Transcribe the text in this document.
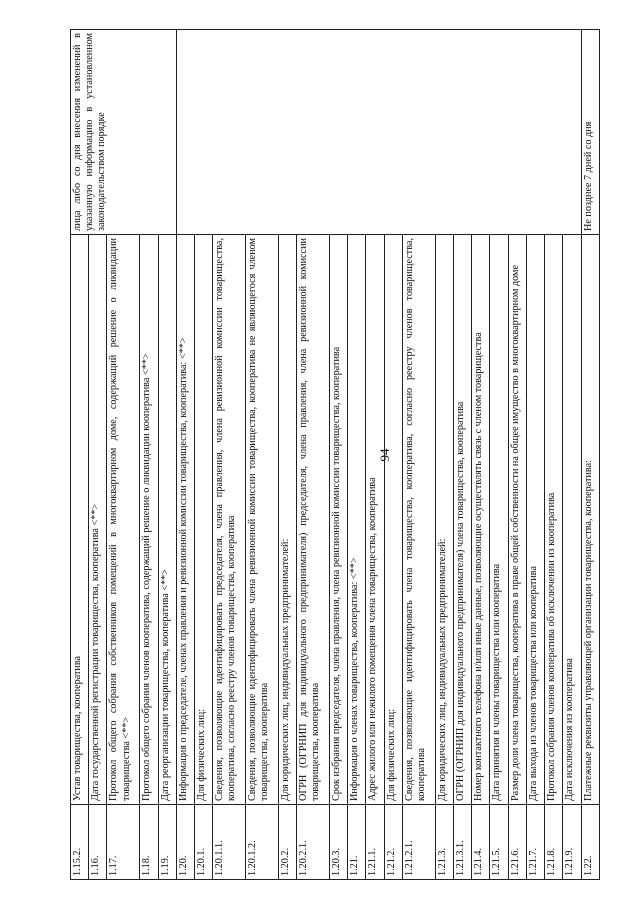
94
1.15.2.	Устав товарищества, кооператива	лица либо со дня внесения изменений в указанную информацию в установленном законодательством порядке
1.16.	Дата государственной регистрации товарищества, кооператива <**>	
1.17.	Протокол общего собрания собственников помещений в многоквартирном доме, содержащий решение о ликвидации товарищества <**>	
1.18.	Протокол общего собрания членов кооператива, содержащий решение о ликвидации кооператива <**>	
1.19.	Дата реорганизации товарищества, кооператива <**>	
1.20.	Информация о председателе, членах правления и ревизионной комиссии товарищества, кооператива: <**>	
1.20.1.	Для физических лиц:	
1.20.1.1.	Сведения, позволяющие идентифицировать председателя, члена правления, члена ревизионной комиссии товарищества, кооператива, согласно реестру членов товарищества, кооператива	
1.20.1.2.	Сведения, позволяющие идентифицировать члена ревизионной комиссии товарищества, кооператива не являющегося членом товарищества, кооператива	
1.20.2.	Для юридических лиц, индивидуальных предпринимателей:	
1.20.2.1.	ОГРН (ОГРНИП для индивидуального предпринимателя) председателя, члена правления, члена ревизионной комиссии товарищества, кооператива	
1.20.3.	Срок избрания председателя, члена правления, члена ревизионной комиссии товарищества, кооператива	
1.21.	Информация о членах товарищества, кооператива: <**>	
1.21.1.	Адрес жилого или нежилого помещения члена товарищества, кооператива	
1.21.2.	Для физических лиц:	
1.21.2.1.	Сведения, позволяющие идентифицировать члена товарищества, кооператива, согласно реестру членов товарищества, кооператива	
1.21.3.	Для юридических лиц, индивидуальных предпринимателей:	
1.21.3.1.	ОГРН (ОГРНИП для индивидуального предпринимателя) члена товарищества, кооператива	
1.21.4.	Номер контактного телефона и/или иные данные, позволяющие осуществлять связь с членом товарищества	
1.21.5.	Дата принятия в члены товарищества или кооператива	
1.21.6.	Размер доли члена товарищества, кооператива в праве общей собственности на общее имущество в многоквартирном доме	
1.21.7.	Дата выхода из членов товарищества или кооператива	
1.21.8.	Протокол собрания членов кооператива об исключении из кооператива	
1.21.9.	Дата исключения из кооператива	
1.22.	Платежные реквизиты управляющей организации товарищества, кооператива:	Не позднее 7 дней со дня
